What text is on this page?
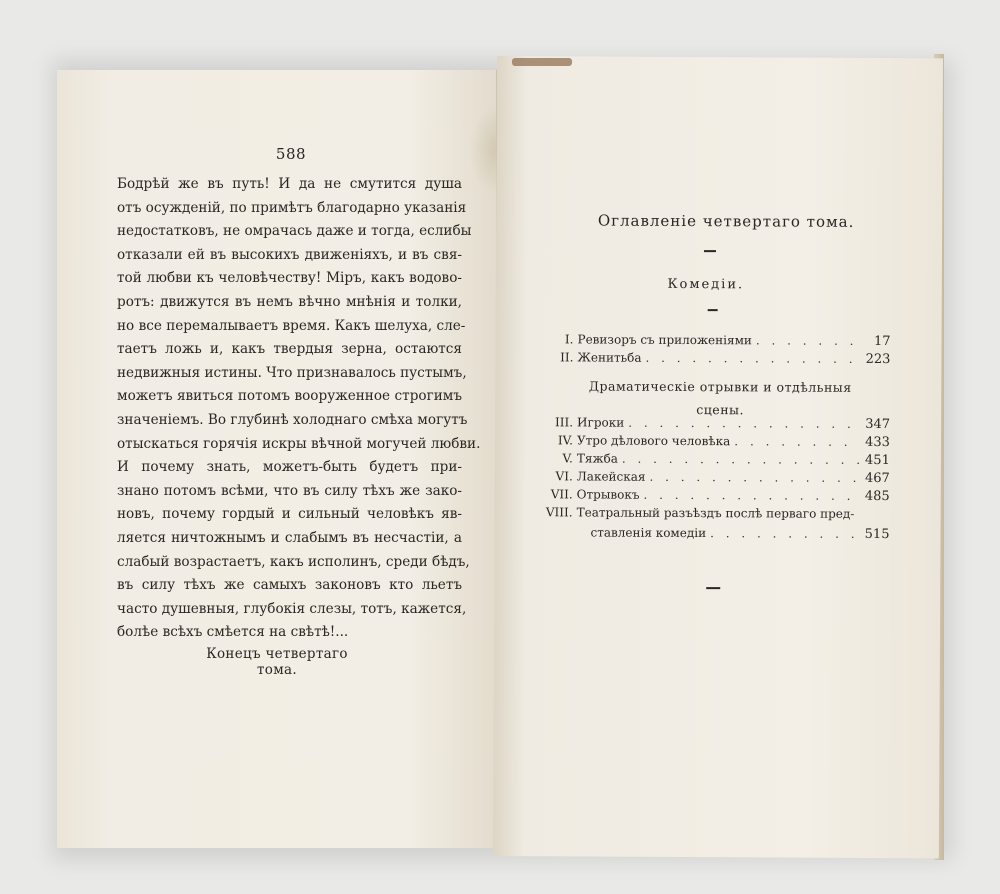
588
Бодрѣй же въ путь! И да не смутится душа
отъ осужденій, по примѣтъ благодарно указанія
недостатковъ, не омрачась даже и тогда, еслибы
отказали ей въ высокихъ движеніяхъ, и въ свя-
той любви къ человѣчеству! Міръ, какъ водово-
ротъ: движутся въ немъ вѣчно мнѣнія и толки,
но все перемалываетъ время. Какъ шелуха, сле-
таетъ ложь и, какъ твердыя зерна, остаются
недвижныя истины. Что признавалось пустымъ,
можетъ явиться потомъ вооруженное строгимъ
значеніемъ. Во глубинѣ холоднаго смѣха могутъ
отыскаться горячія искры вѣчной могучей любви.
И почему знать, можетъ-быть будетъ при-
знано потомъ всѣми, что въ силу тѣхъ же зако-
новъ, почему гордый и сильный человѣкъ яв-
ляется ничтожнымъ и слабымъ въ несчастіи, а
слабый возрастаетъ, какъ исполинъ, среди бѣдъ,
въ силу тѣхъ же самыхъ законовъ кто льетъ
часто душевныя, глубокія слезы, тотъ, кажется,
болѣе всѣхъ смѣется на свѣтѣ!...
Конецъ четвертаго тома.
Оглавленіе четвертаго тома.
Комедіи.
I. Ревизоръ съ приложеніями . . .	17
II. Женитьба . . .	223
Драматическіе отрывки и отдѣльныя
сцены.
III. Игроки . . .	347
IV. Утро дѣлового человѣка . . .	433
V. Тяжба . . .	451
VI. Лакейская . . .	467
VII. Отрывокъ . . .	485
VIII. Театральный разъѣздъ послѣ перваго пред-
ставленія комедіи . . .	515
